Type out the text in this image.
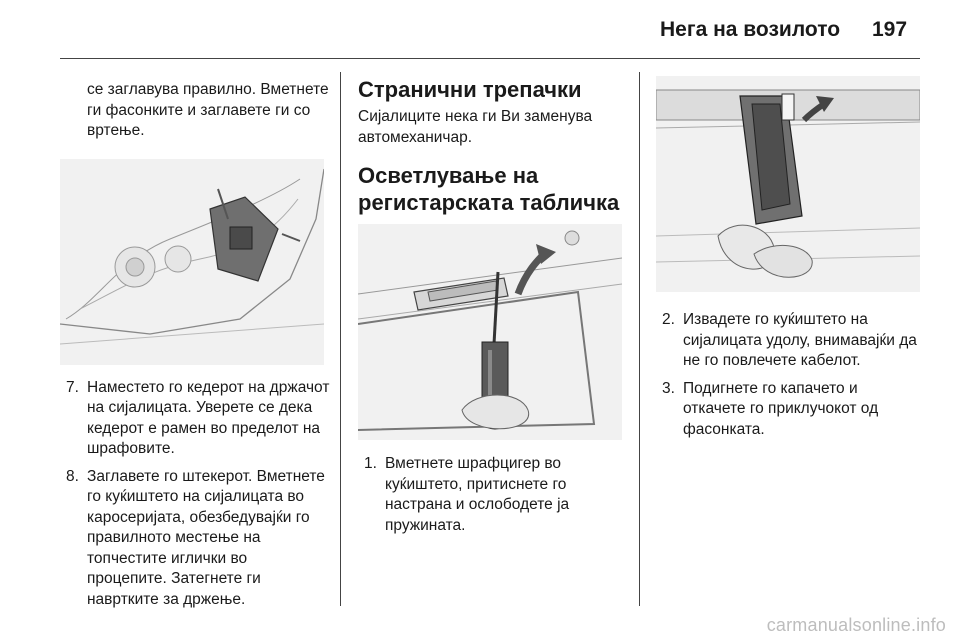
Нега на возилото 197

се заглавува правилно. Вметнете ги фасонките и заглавете ги со вртење.

7. Наместето го кедерот на држачот на сијалицата. Уверете се дека кедерот е рамен во пределот на шрафовите.
8. Заглавете го штекерот. Вметнете го куќиштето на сијалицата во каросеријата, обезбедувајќи го правилното местење на топчестите иглички во процепите. Затегнете ги навртките за држење.
Странични трепачки

Сијалиците нека ги Ви заменува автомеханичар.

Осветлување на регистарската табличка
1. Вметнете шрафцигер во куќиштето, притиснете го настрана и ослободете ја пружината.
2. Извадете го куќиштето на сијалицата удолу, внимавајќи да не го повлечете кабелот.
3. Подигнете го капачето и откачете го приклучокот од фасонката.
carmanualsonline.info
